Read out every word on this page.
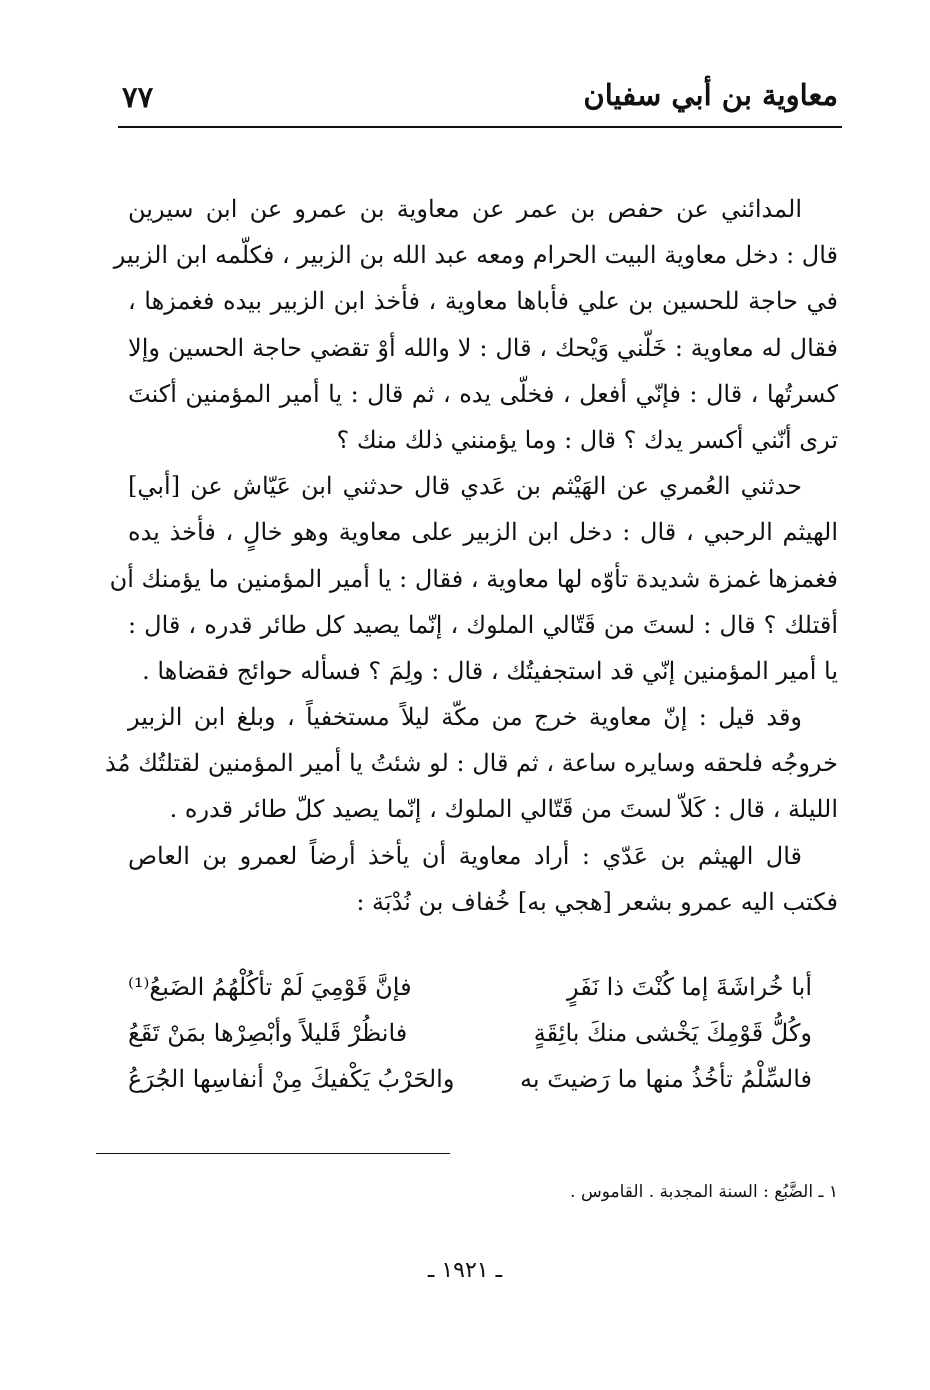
معاوية بن أبي سفيان
٧٧
المدائني عن حفص بن عمر عن معاوية بن عمرو عن ابن سيرين
قال : دخل معاوية البيت الحرام ومعه عبد الله بن الزبير ، فكلّمه ابن الزبير
في حاجة للحسين بن علي فأباها معاوية ، فأخذ ابن الزبير بيده فغمزها ،
فقال له معاوية : خَلّني وَيْحك ، قال : لا والله أوْ تقضي حاجة الحسين وإلا
كسرتُها ، قال : فإنّي أفعل ، فخلّى يده ، ثم قال : يا أمير المؤمنين أكنتَ
ترى أنّني أكسر يدك ؟ قال : وما يؤمنني ذلك منك ؟
حدثني العُمري عن الهَيْثم بن عَدي قال حدثني ابن عَيّاش عن [أبي]
الهيثم الرحبي ، قال : دخل ابن الزبير على معاوية وهو خالٍ ، فأخذ يده
فغمزها غمزة شديدة تأوّه لها معاوية ، فقال : يا أمير المؤمنين ما يؤمنك أن
أقتلك ؟ قال : لستَ من قَتّالي الملوك ، إنّما يصيد كل طائر قدره ، قال :
يا أمير المؤمنين إنّي قد استجفيتُك ، قال : ولِمَ ؟ فسأله حوائج فقضاها .
وقد قيل : إنّ معاوية خرج من مكّة ليلاً مستخفياً ، وبلغ ابن الزبير
خروجُه فلحقه وسايره ساعة ، ثم قال : لو شئتُ يا أمير المؤمنين لقتلتُك مُذ
الليلة ، قال : كَلاّ لستَ من قَتّالي الملوك ، إنّما يصيد كلّ طائر قدره .
قال الهيثم بن عَدّي : أراد معاوية أن يأخذ أرضاً لعمرو بن العاص
فكتب اليه عمرو بشعر [هجي به] خُفاف بن نُدْبَة :
أبا خُراشَةَ إما كُنْتَ ذا نَفَرٍ
فإنَّ قَوْمِيَ لَمْ تأكُلْهُمُ الضَبعُ⁽¹⁾
وكُلُّ قَوْمِكَ يَخْشى منكَ بائِقَةٍ
فانظُرْ قَليلاً وأبْصِرْها بمَنْ تَقَعُ
فالسِّلْمُ تأخُذُ منها ما رَضيتَ به
والحَرْبُ يَكْفيكَ مِنْ أنفاسِها الجُرَعُ
١ ـ الضَّبُع : السنة المجدبة . القاموس .
ـ ١٩٢١ ـ
